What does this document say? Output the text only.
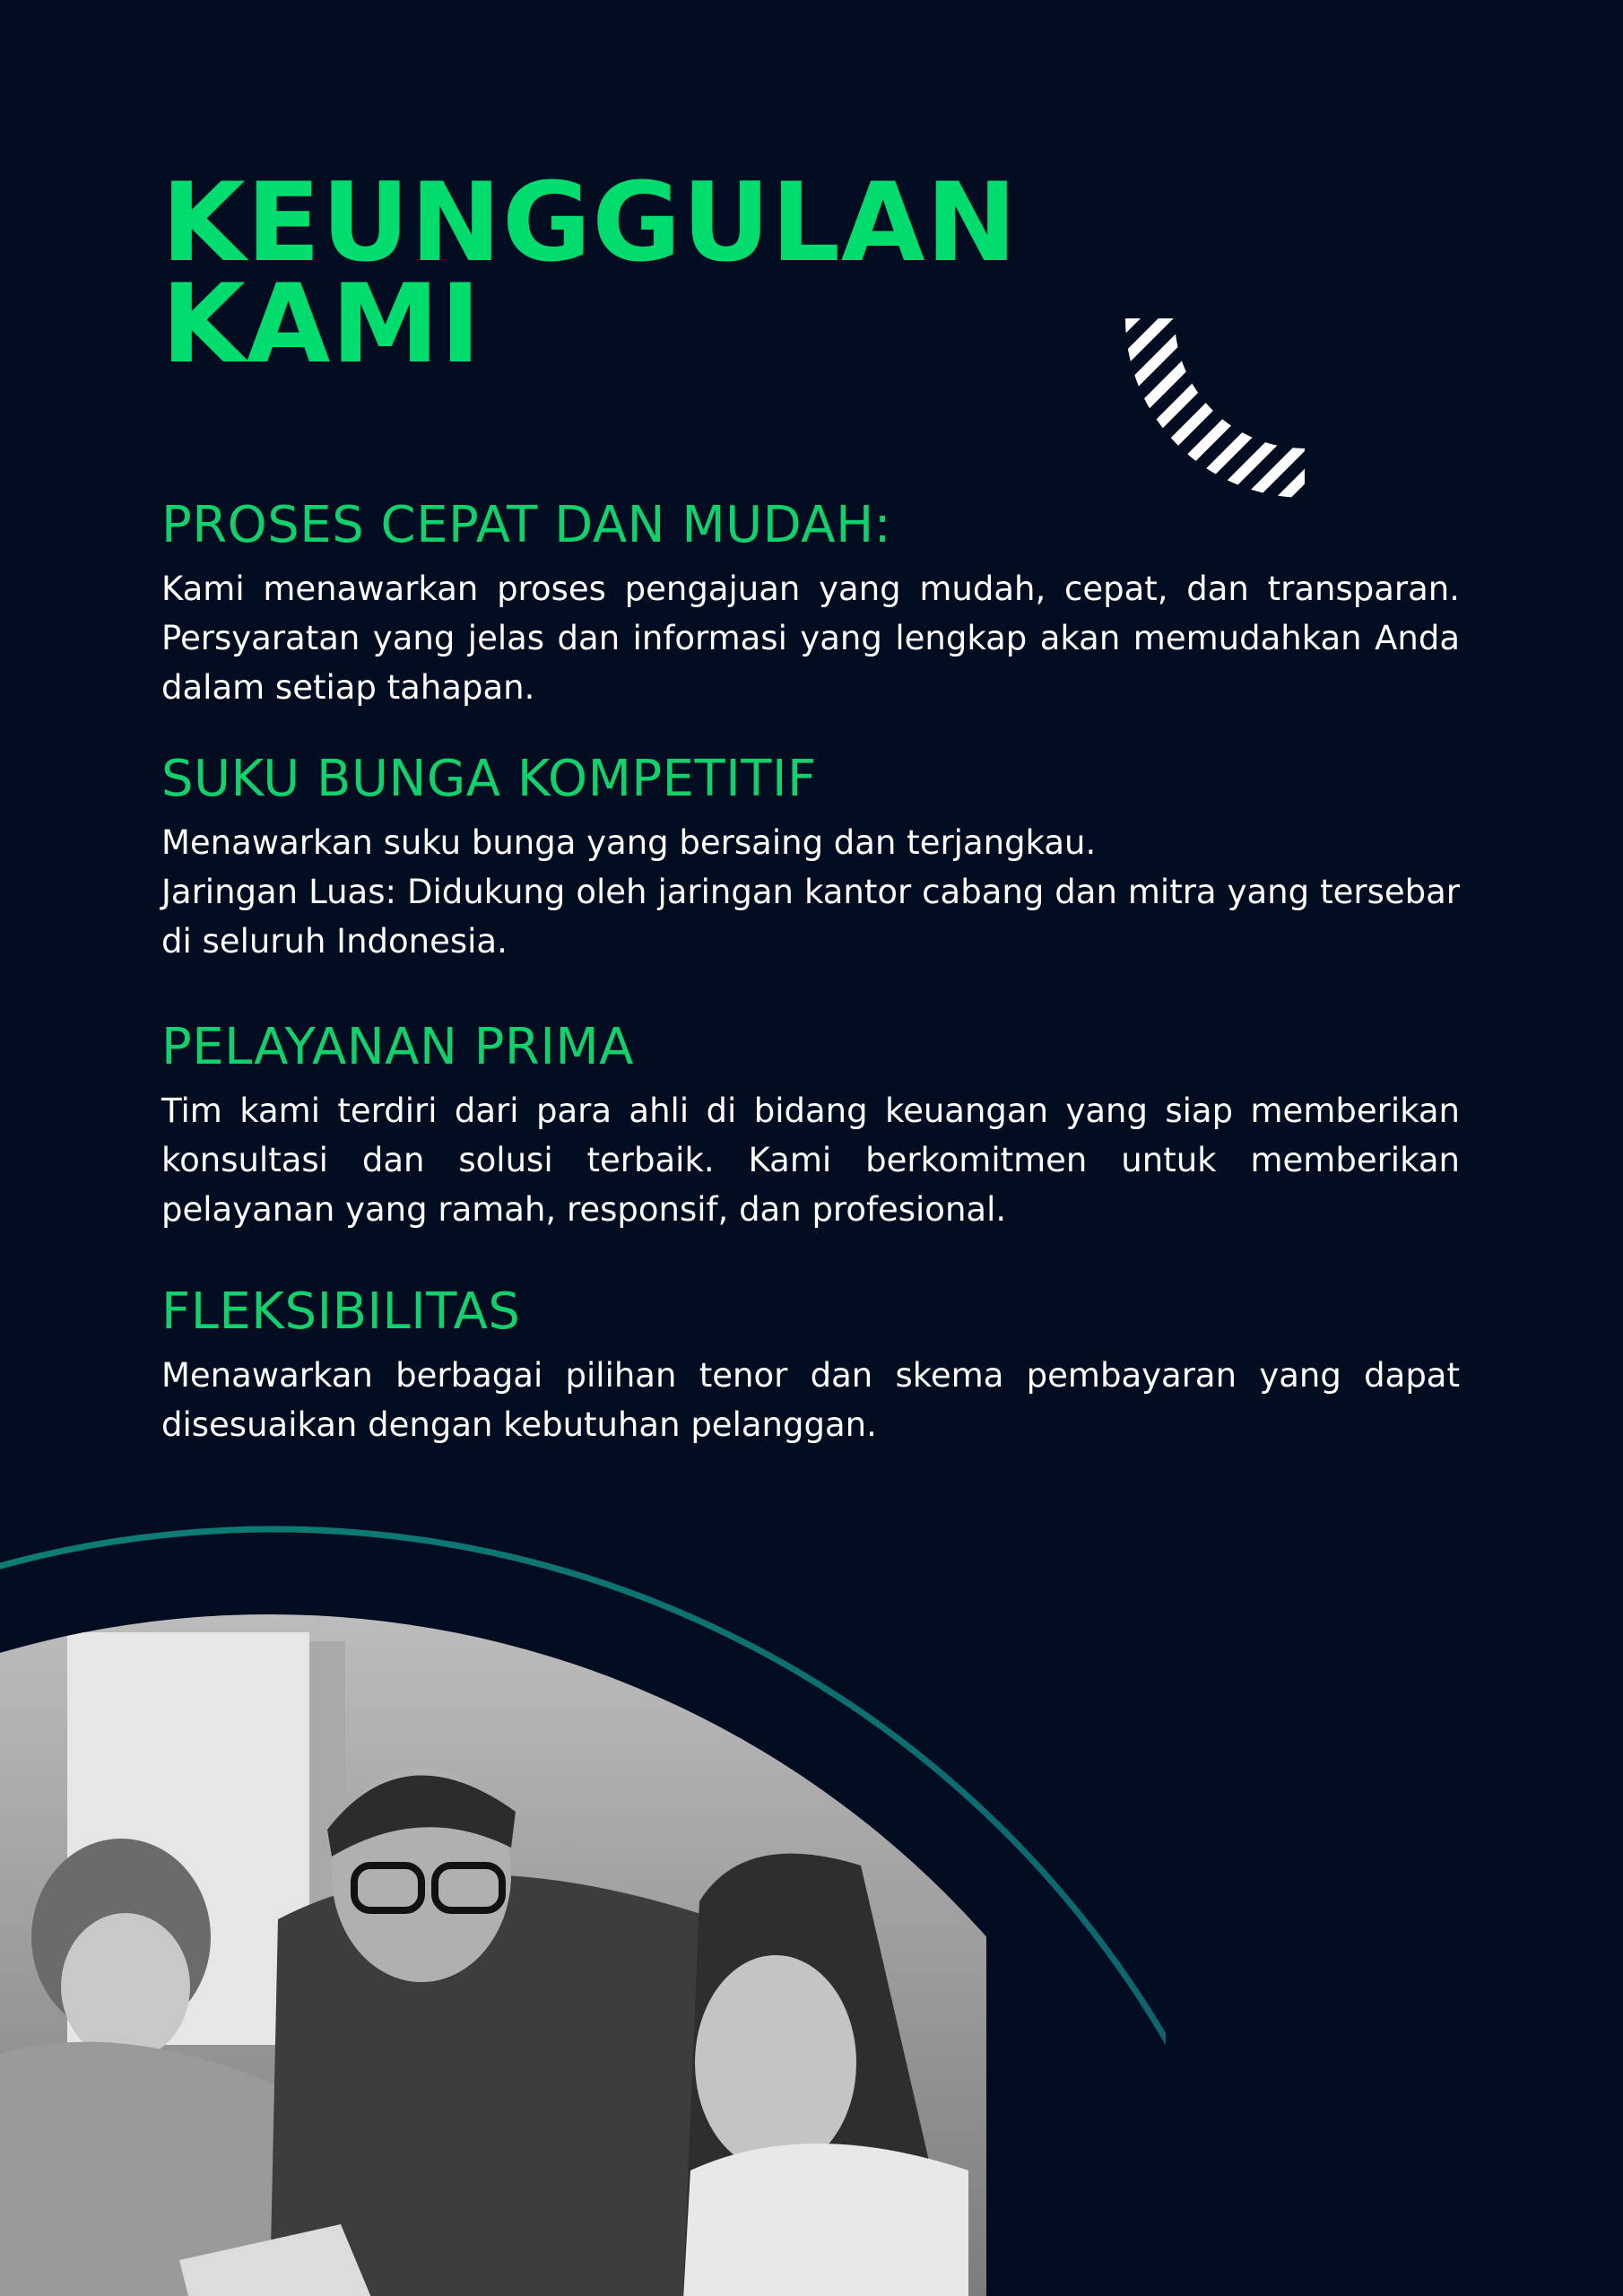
KEUNGGULAN
KAMI
PROSES CEPAT DAN MUDAH:

Kami menawarkan proses pengajuan yang mudah, cepat, dan transparan. Persyaratan yang jelas dan informasi yang lengkap akan memudahkan Anda dalam setiap tahapan.

SUKU BUNGA KOMPETITIF

Menawarkan suku bunga yang bersaing dan terjangkau.
Jaringan Luas: Didukung oleh jaringan kantor cabang dan mitra yang tersebar di seluruh Indonesia.

PELAYANAN PRIMA

Tim kami terdiri dari para ahli di bidang keuangan yang siap memberikan konsultasi dan solusi terbaik. Kami berkomitmen untuk memberikan pelayanan yang ramah, responsif, dan profesional.

FLEKSIBILITAS

Menawarkan berbagai pilihan tenor dan skema pembayaran yang dapat disesuaikan dengan kebutuhan pelanggan.
